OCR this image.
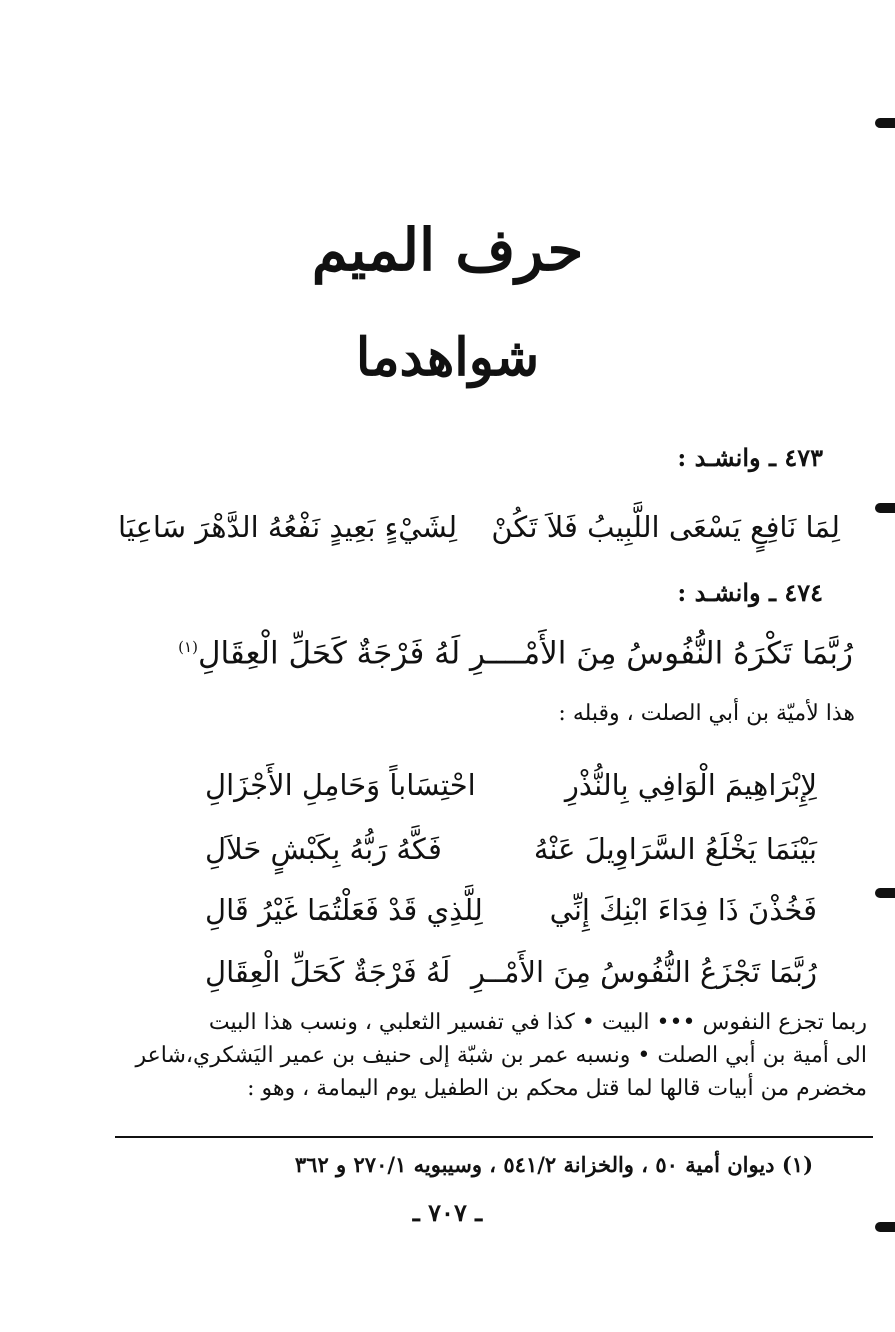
حرف الميم
شواهدما
٤٧٣ ـ وانشـد :
لِمَا نَافِعٍ يَسْعَى اللَّبِيبُ فَلاَ تَكُنْ
لِشَيْءٍ بَعِيدٍ نَفْعُهُ الدَّهْرَ سَاعِيَا
٤٧٤ ـ وانشـد :
رُبَّمَا تَكْرَهُ النُّفُوسُ مِنَ الأَمْــــرِ لَهُ فَرْجَةٌ كَحَلِّ الْعِقَالِ$^{(١)}$
هذا لأميّة بن أبي الصلت ، وقبله :
لِإِبْرَاهِيمَ الْوَافِي بِالنُّذْرِ
احْتِسَاباً وَحَامِلِ الأَجْزَالِ
بَيْنَمَا يَخْلَعُ السَّرَاوِيلَ عَنْهُ
فَكَّهُ رَبُّهُ بِكَبْشٍ حَلاَلِ
فَخُذْنَ ذَا فِدَاءَ ابْنِكَ إِنِّي
لِلَّذِي قَدْ فَعَلْتُمَا غَيْرُ قَالِ
رُبَّمَا تَجْزَعُ النُّفُوسُ مِنَ الأَمْــرِ
لَهُ فَرْجَةٌ كَحَلِّ الْعِقَالِ
ربما تجزع النفوس ••• البيت • كذا في تفسير الثعلبي ، ونسب هذا البيت
الى أمية بن أبي الصلت • ونسبه عمر بن شبّة إلى حنيف بن عمير اليَشكري،شاعر
مخضرم من أبيات قالها لما قتل محكم بن الطفيل يوم اليمامة ، وهو :
(١) ديوان أمية ٥٠ ، والخزانة ٥٤١/٢ ، وسيبويه ٢٧٠/١ و ٣٦٢
ـ ٧٠٧ ـ
